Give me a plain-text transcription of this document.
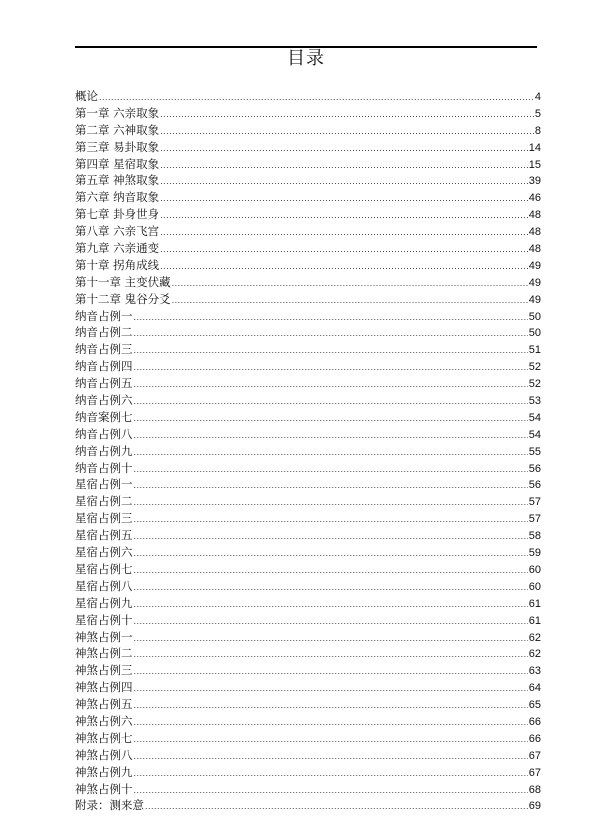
目录
概论 .....	4
第一章 六亲取象 .....	5
第二章 六神取象 .....	8
第三章 易卦取象 .....	14
第四章 星宿取象 .....	15
第五章 神煞取象 .....	39
第六章 纳音取象 .....	46
第七章 卦身世身 .....	48
第八章 六亲飞宫 .....	48
第九章 六亲通变 .....	48
第十章 拐角成线 .....	49
第十一章 主变伏藏 .....	49
第十二章 鬼谷分爻 .....	49
纳音占例一 .....	50
纳音占例二 .....	50
纳音占例三 .....	51
纳音占例四 .....	52
纳音占例五 .....	52
纳音占例六 .....	53
纳音案例七 .....	54
纳音占例八 .....	54
纳音占例九 .....	55
纳音占例十 .....	56
星宿占例一 .....	56
星宿占例二 .....	57
星宿占例三 .....	57
星宿占例五 .....	58
星宿占例六 .....	59
星宿占例七 .....	60
星宿占例八 .....	60
星宿占例九 .....	61
星宿占例十 .....	61
神煞占例一 .....	62
神煞占例二 .....	62
神煞占例三 .....	63
神煞占例四 .....	64
神煞占例五 .....	65
神煞占例六 .....	66
神煞占例七 .....	66
神煞占例八 .....	67
神煞占例九 .....	67
神煞占例十 .....	68
附录：测来意 .....	69
